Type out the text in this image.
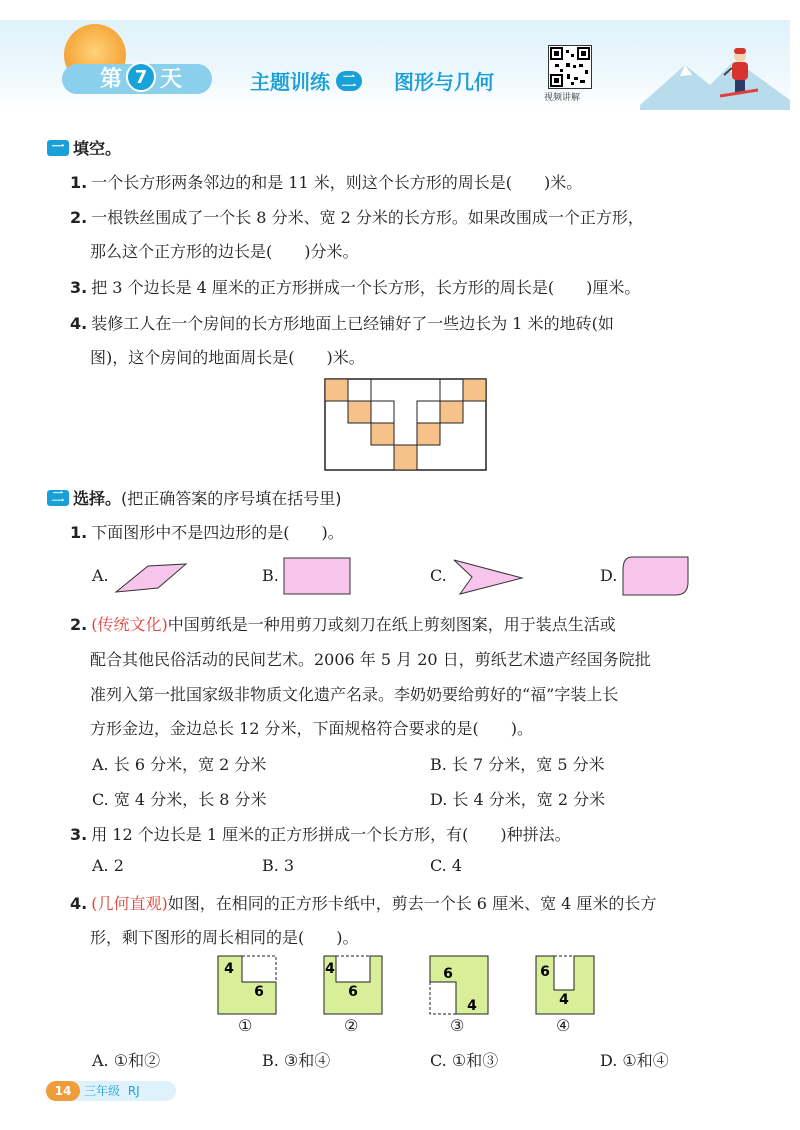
第 7 天	主题训练 二 图形与几何
视频讲解
一 填空。
1. 一个长方形两条邻边的和是 11 米，则这个长方形的周长是(　　)米。
2. 一根铁丝围成了一个长 8 分米、宽 2 分米的长方形。如果改围成一个正方形，
那么这个正方形的边长是(　　)分米。
3. 把 3 个边长是 4 厘米的正方形拼成一个长方形，长方形的周长是(　　)厘米。
4. 装修工人在一个房间的长方形地面上已经铺好了一些边长为 1 米的地砖(如
图)，这个房间的地面周长是(　　)米。
二 选择。 (把正确答案的序号填在括号里)
1. 下面图形中不是四边形的是(　　)。
A.	B.	C.	D.
2. (传统文化)中国剪纸是一种用剪刀或刻刀在纸上剪刻图案，用于装点生活或
配合其他民俗活动的民间艺术。2006 年 5 月 20 日，剪纸艺术遗产经国务院批
准列入第一批国家级非物质文化遗产名录。李奶奶要给剪好的“福”字装上长
方形金边，金边总长 12 分米，下面规格符合要求的是(　　)。
A. 长 6 分米，宽 2 分米	B. 长 7 分米，宽 5 分米
C. 宽 4 分米，长 8 分米	D. 长 4 分米，宽 2 分米
3. 用 12 个边长是 1 厘米的正方形拼成一个长方形，有(　　)种拼法。
A. 2	B. 3	C. 4
4. (几何直观)如图，在相同的正方形卡纸中，剪去一个长 6 厘米、宽 4 厘米的长方
形，剩下图形的周长相同的是(　　)。
4
6
①
4
6
②
6
4
③
6
4
④
A. ①和②	B. ③和④	C. ①和③	D. ①和④
14	三年级 RJ
